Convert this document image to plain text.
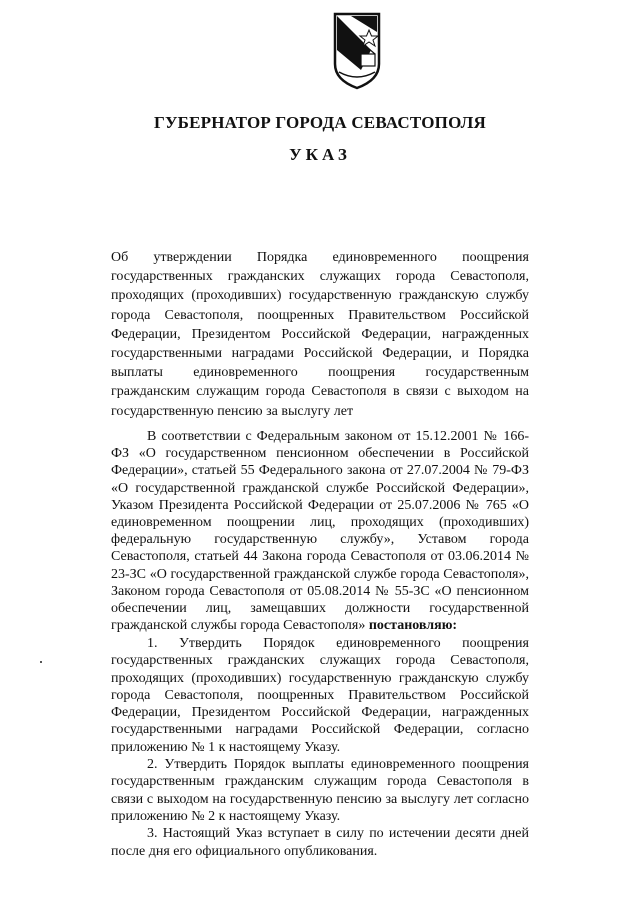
ГУБЕРНАТОР ГОРОДА СЕВАСТОПОЛЯ
УКАЗ
Об утверждении Порядка единовременного поощрения государственных гражданских служащих города Севастополя, проходящих (проходивших) государственную гражданскую службу города Севастополя, поощренных Правительством Российской Федерации, Президентом Российской Федерации, награжденных государственными наградами Российской Федерации, и Порядка выплаты единовременного поощрения государственным гражданским служащим города Севастополя в связи с выходом на государственную пенсию за выслугу лет
В соответствии с Федеральным законом от 15.12.2001 № 166-ФЗ «О государственном пенсионном обеспечении в Российской Федерации», статьей 55 Федерального закона от 27.07.2004 № 79-ФЗ «О государственной гражданской службе Российской Федерации», Указом Президента Российской Федерации от 25.07.2006 № 765 «О единовременном поощрении лиц, проходящих (проходивших) федеральную государственную службу», Уставом города Севастополя, статьей 44 Закона города Севастополя от 03.06.2014 № 23-ЗС «О государственной гражданской службе города Севастополя», Законом города Севастополя от 05.08.2014 № 55-ЗС «О пенсионном обеспечении лиц, замещавших должности государственной гражданской службы города Севастополя» постановляю:

1. Утвердить Порядок единовременного поощрения государственных гражданских служащих города Севастополя, проходящих (проходивших) государственную гражданскую службу города Севастополя, поощренных Правительством Российской Федерации, Президентом Российской Федерации, награжденных государственными наградами Российской Федерации, согласно приложению № 1 к настоящему Указу.

2. Утвердить Порядок выплаты единовременного поощрения государственным гражданским служащим города Севастополя в связи с выходом на государственную пенсию за выслугу лет согласно приложению № 2 к настоящему Указу.

3. Настоящий Указ вступает в силу по истечении десяти дней после дня его официального опубликования.
